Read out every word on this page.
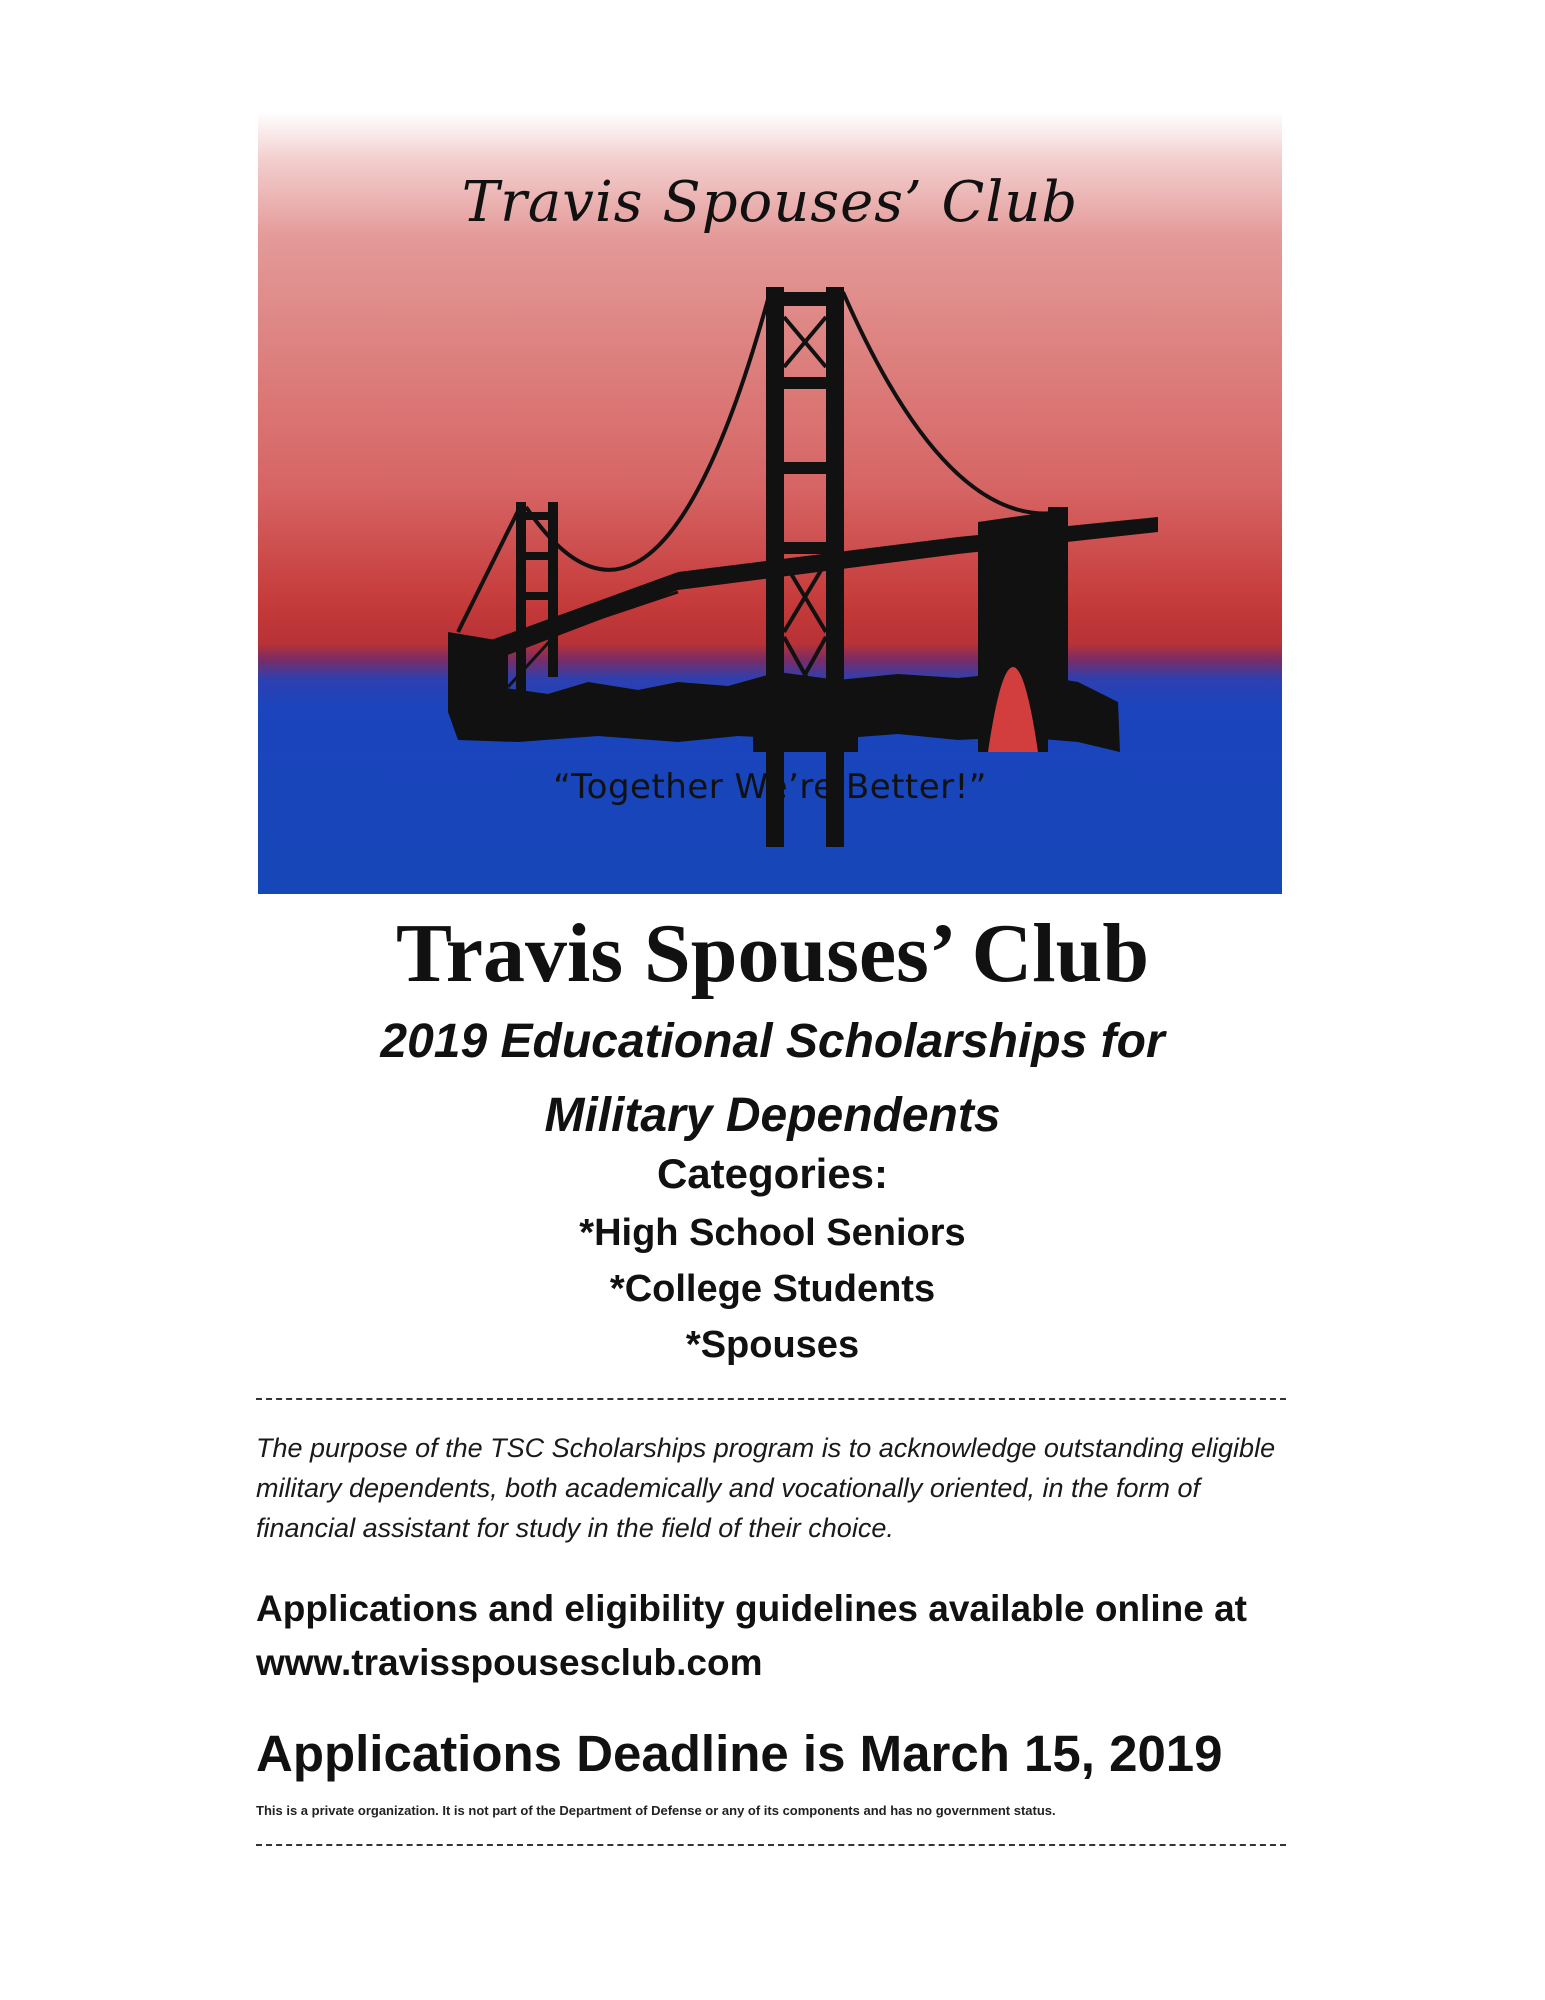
Travis Spouses’ Club
“Together We’re Better!”
Travis Spouses’ Club
2019 Educational Scholarships for
Military Dependents
Categories:
*High School Seniors
*College Students
*Spouses
The purpose of the TSC Scholarships program is to acknowledge outstanding eligible military dependents, both academically and vocationally oriented, in the form of financial assistant for study in the field of their choice.
Applications and eligibility guidelines available online at www.travisspousesclub.com
Applications Deadline is March 15, 2019
This is a private organization. It is not part of the Department of Defense or any of its components and has no government status.
